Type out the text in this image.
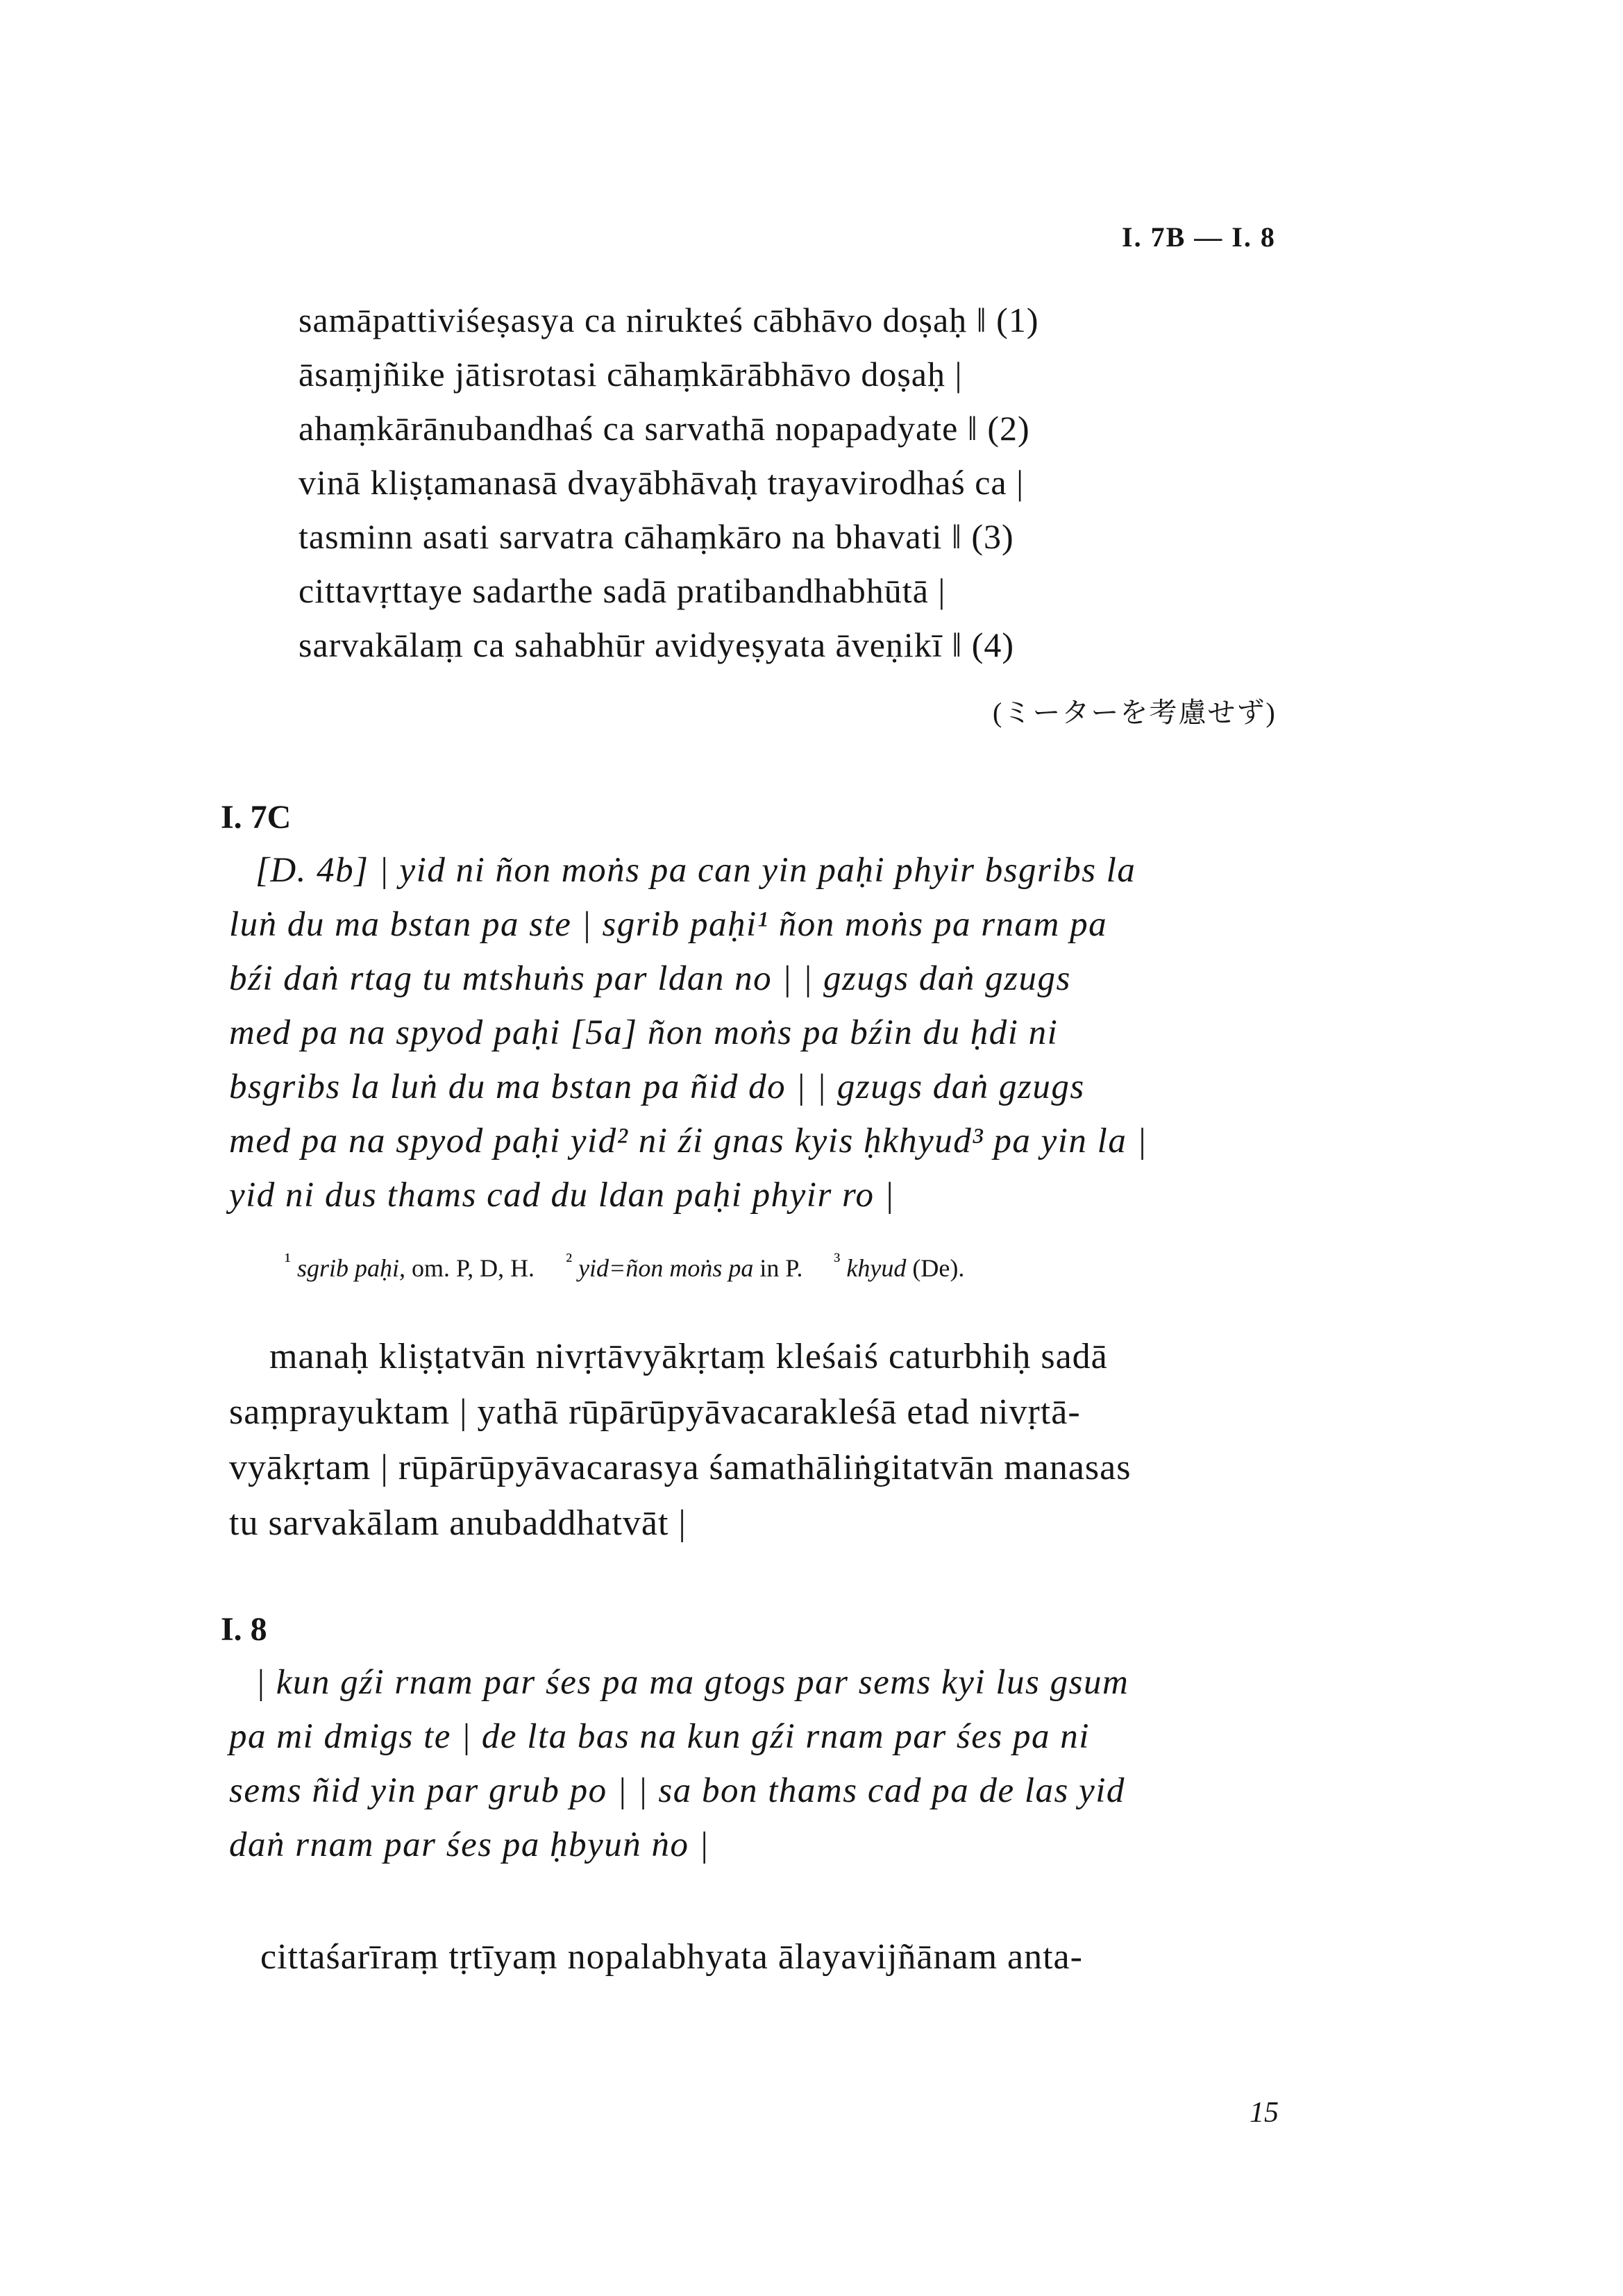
I. 7B — I. 8
samāpattiviśeṣasya ca nirukteś cābhāvo doṣaḥ ‖ (1)
āsaṃjñike jātisrotasi cāhaṃkārābhāvo doṣaḥ |
ahaṃkārānubandhaś ca sarvathā nopapadyate ‖ (2)
vinā kliṣṭamanasā dvayābhāvaḥ trayavirodhaś ca |
tasminn asati sarvatra cāhaṃkāro na bhavati ‖ (3)
cittavṛttaye sadarthe sadā pratibandhabhūtā |
sarvakālaṃ ca sahabhūr avidyeṣyata āveṇikī ‖ (4)
(ミーターを考慮せず)
I. 7C
[D. 4b] | yid ni ñon moṅs pa can yin paḥi phyir bsgribs la
luṅ du ma bstan pa ste | sgrib paḥi¹ ñon moṅs pa rnam pa
bźi daṅ rtag tu mtshuṅs par ldan no | | gzugs daṅ gzugs
med pa na spyod paḥi [5a] ñon moṅs pa bźin du ḥdi ni
bsgribs la luṅ du ma bstan pa ñid do | | gzugs daṅ gzugs
med pa na spyod paḥi yid² ni źi gnas kyis ḥkhyud³ pa yin la |
yid ni dus thams cad du ldan paḥi phyir ro |
$^{^1}$ sgrib paḥi, om. P, D, H. $^{^2}$ yid=ñon moṅs pa in P. $^{^3}$ khyud (De).
manaḥ kliṣṭatvān nivṛtāvyākṛtaṃ kleśaiś caturbhiḥ sadā
saṃprayuktam | yathā rūpārūpyāvacarakleśā etad nivṛtā-
vyākṛtam | rūpārūpyāvacarasya śamathāliṅgitatvān manasas
tu sarvakālam anubaddhatvāt |
I. 8
| kun gźi rnam par śes pa ma gtogs par sems kyi lus gsum
pa mi dmigs te | de lta bas na kun gźi rnam par śes pa ni
sems ñid yin par grub po | | sa bon thams cad pa de las yid
daṅ rnam par śes pa ḥbyuṅ ṅo |
cittaśarīraṃ tṛtīyaṃ nopalabhyata ālayavijñānam anta-
15
